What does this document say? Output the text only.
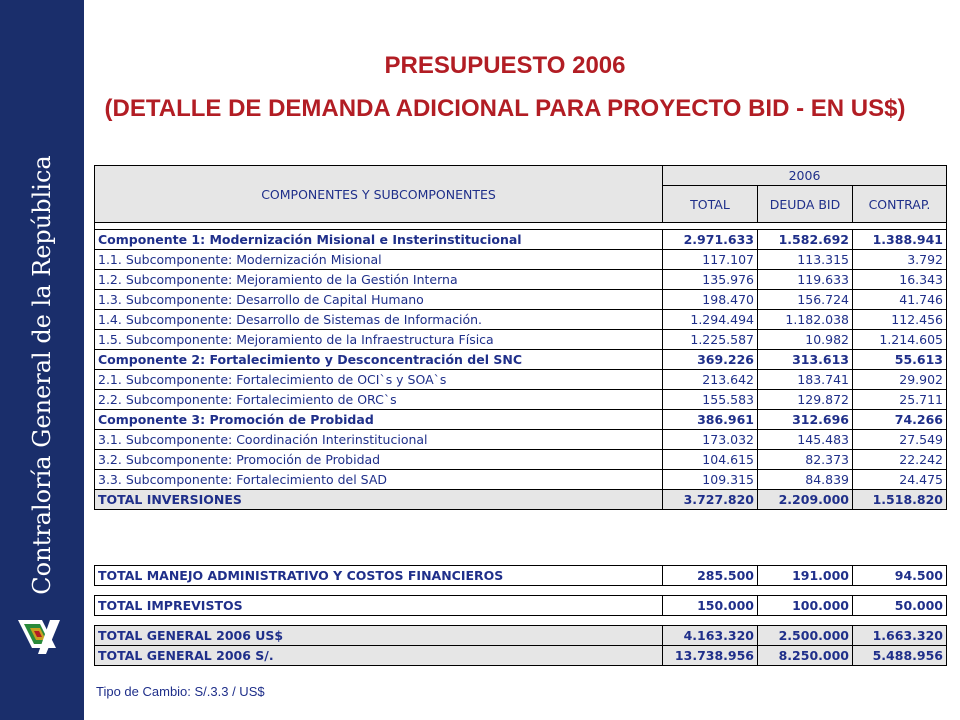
Contraloría General de la República
PRESUPUESTO 2006
(DETALLE DE DEMANDA ADICIONAL PARA PROYECTO BID - EN US$)
COMPONENTES Y SUBCOMPONENTES	2006		
	TOTAL	DEUDA BID	CONTRAP.

Componente 1: Modernización Misional e Insterinstitucional	2.971.633	1.582.692	1.388.941
1.1. Subcomponente: Modernización Misional	117.107	113.315	3.792
1.2. Subcomponente: Mejoramiento de la Gestión Interna	135.976	119.633	16.343
1.3. Subcomponente: Desarrollo de Capital Humano	198.470	156.724	41.746
1.4. Subcomponente: Desarrollo de Sistemas de Información.	1.294.494	1.182.038	112.456
1.5. Subcomponente: Mejoramiento de la Infraestructura Física	1.225.587	10.982	1.214.605
Componente 2: Fortalecimiento y Desconcentración del SNC	369.226	313.613	55.613
2.1. Subcomponente: Fortalecimiento de OCI`s y SOA`s	213.642	183.741	29.902
2.2. Subcomponente: Fortalecimiento de ORC`s	155.583	129.872	25.711
Componente 3: Promoción de Probidad	386.961	312.696	74.266
3.1. Subcomponente: Coordinación Interinstitucional	173.032	145.483	27.549
3.2. Subcomponente: Promoción de Probidad	104.615	82.373	22.242
3.3. Subcomponente: Fortalecimiento del SAD	109.315	84.839	24.475
TOTAL INVERSIONES	3.727.820	2.209.000	1.518.820
TOTAL MANEJO ADMINISTRATIVO Y COSTOS FINANCIEROS	285.500	191.000	94.500
TOTAL IMPREVISTOS	150.000	100.000	50.000
TOTAL GENERAL 2006 US$	4.163.320	2.500.000	1.663.320
TOTAL GENERAL 2006 S/.	13.738.956	8.250.000	5.488.956
Tipo de Cambio: S/.3.3 / US$
